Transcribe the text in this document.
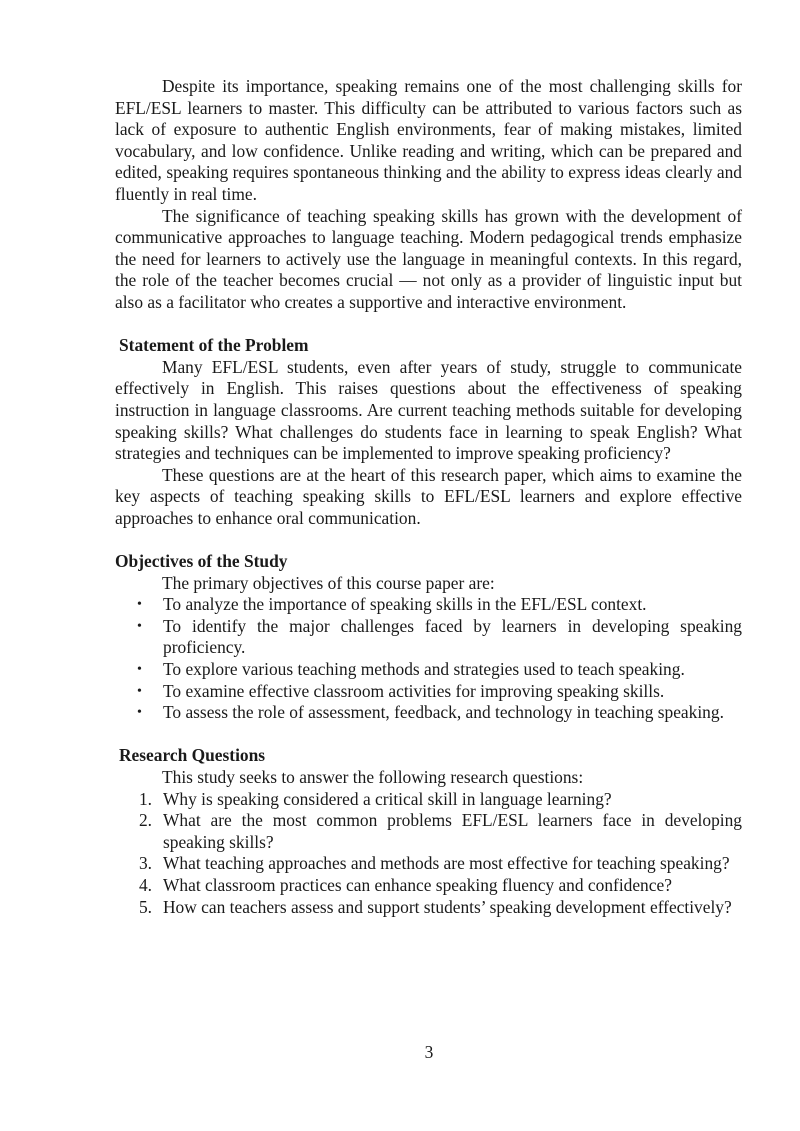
Despite its importance, speaking remains one of the most challenging skills for EFL/ESL learners to master. This difficulty can be attributed to various factors such as lack of exposure to authentic English environments, fear of making mistakes, limited vocabulary, and low confidence. Unlike reading and writing, which can be prepared and edited, speaking requires spontaneous thinking and the ability to express ideas clearly and fluently in real time.

The significance of teaching speaking skills has grown with the development of communicative approaches to language teaching. Modern pedagogical trends emphasize the need for learners to actively use the language in meaningful contexts. In this regard, the role of the teacher becomes crucial — not only as a provider of linguistic input but also as a facilitator who creates a supportive and interactive environment.

Statement of the Problem

Many EFL/ESL students, even after years of study, struggle to communicate effectively in English. This raises questions about the effectiveness of speaking instruction in language classrooms. Are current teaching methods suitable for developing speaking skills? What challenges do students face in learning to speak English? What strategies and techniques can be implemented to improve speaking proficiency?

These questions are at the heart of this research paper, which aims to examine the key aspects of teaching speaking skills to EFL/ESL learners and explore effective approaches to enhance oral communication.

Objectives of the Study

The primary objectives of this course paper are:

• To analyze the importance of speaking skills in the EFL/ESL context.
• To identify the major challenges faced by learners in developing speaking proficiency.
• To explore various teaching methods and strategies used to teach speaking.
• To examine effective classroom activities for improving speaking skills.
• To assess the role of assessment, feedback, and technology in teaching speaking.

Research Questions

This study seeks to answer the following research questions:

1. Why is speaking considered a critical skill in language learning?
2. What are the most common problems EFL/ESL learners face in developing speaking skills?
3. What teaching approaches and methods are most effective for teaching speaking?
4. What classroom practices can enhance speaking fluency and confidence?
5. How can teachers assess and support students’ speaking development effectively?
3
